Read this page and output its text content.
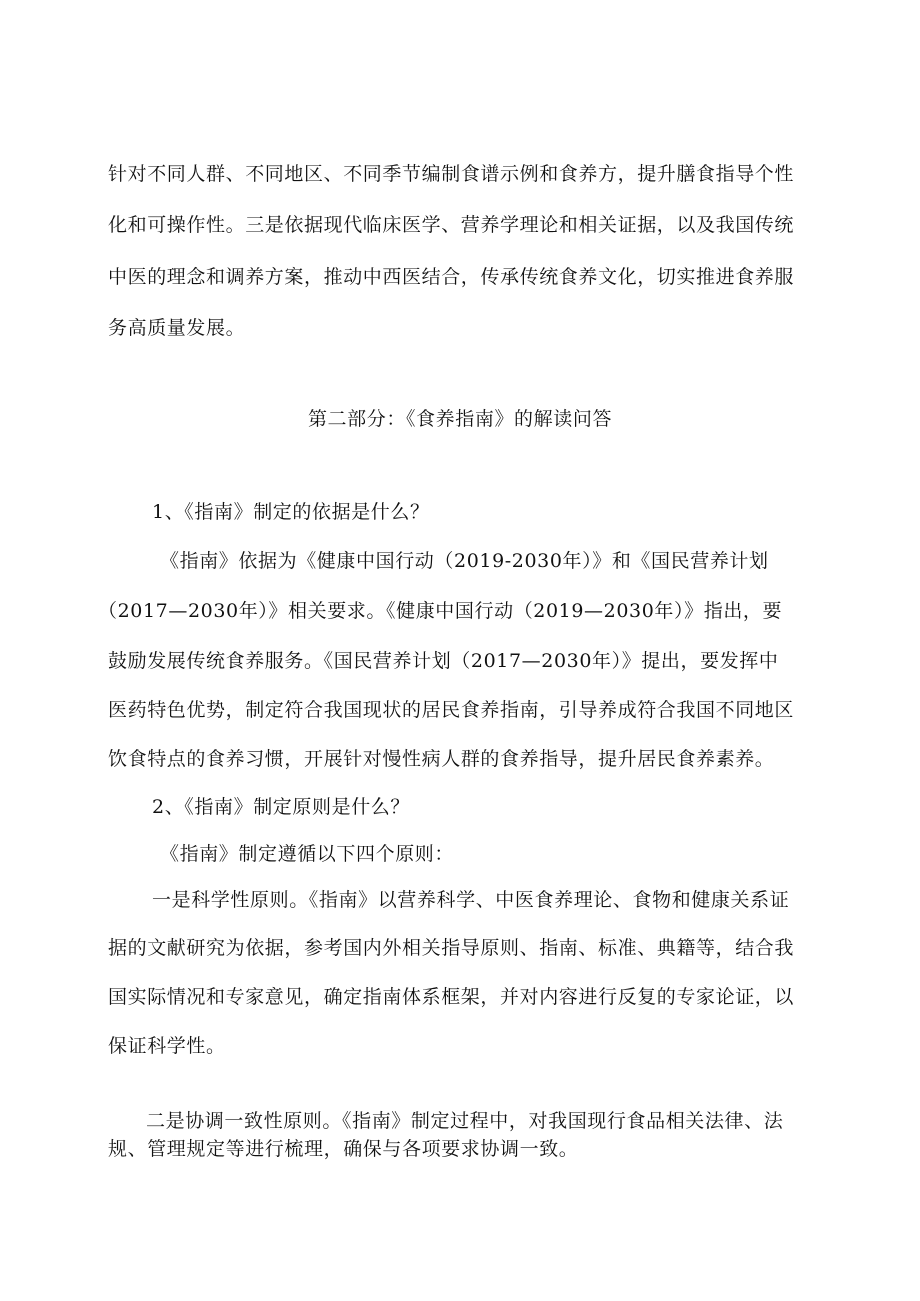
针对不同人群、不同地区、不同季节编制食谱示例和食养方，提升膳食指导个性
化和可操作性。三是依据现代临床医学、营养学理论和相关证据，以及我国传统
中医的理念和调养方案，推动中西医结合，传承传统食养文化，切实推进食养服
务高质量发展。
第二部分：《食养指南》的解读问答
1、《指南》制定的依据是什么？
《指南》依据为《健康中国行动（2019-2030年）》和《国民营养计划
（2017—2030年）》相关要求。《健康中国行动（2019—2030年）》指出，要
鼓励发展传统食养服务。《国民营养计划（2017—2030年）》提出，要发挥中
医药特色优势，制定符合我国现状的居民食养指南，引导养成符合我国不同地区
饮食特点的食养习惯，开展针对慢性病人群的食养指导，提升居民食养素养。
2、《指南》制定原则是什么？
《指南》制定遵循以下四个原则：
一是科学性原则。《指南》以营养科学、中医食养理论、食物和健康关系证
据的文献研究为依据，参考国内外相关指导原则、指南、标准、典籍等，结合我
国实际情况和专家意见，确定指南体系框架，并对内容进行反复的专家论证，以
保证科学性。
二是协调一致性原则。《指南》制定过程中，对我国现行食品相关法律、法
规、管理规定等进行梳理，确保与各项要求协调一致。
